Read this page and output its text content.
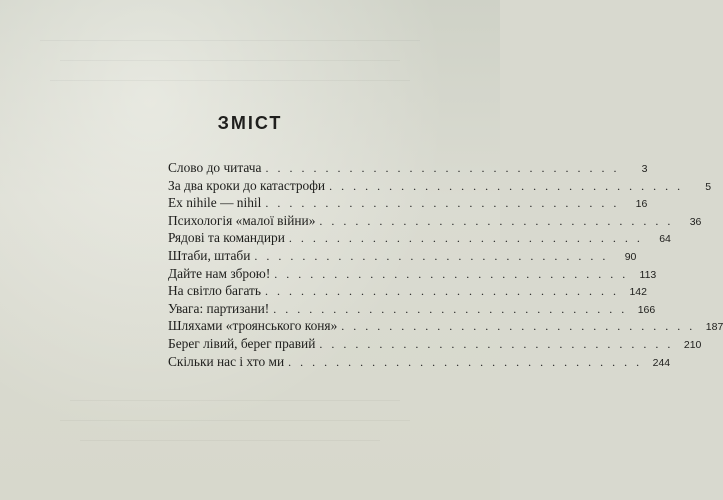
ЗМІСТ
Слово до читача ..............................	3
За два кроки до катастрофи ..............................	5
Ex nihile — nihil .............................. 16
Психологія «малої війни» .............................. 36
Рядові та командири .............................. 64
Штаби, штаби .............................. 90
Дайте нам зброю! .............................. 113
На світло багать .............................. 142
Увага: партизани! .............................. 166
Шляхами «троянського коня» .............................. 187
Берег лівий, берег правий .............................. 210
Скільки нас і хто ми .............................. 244
